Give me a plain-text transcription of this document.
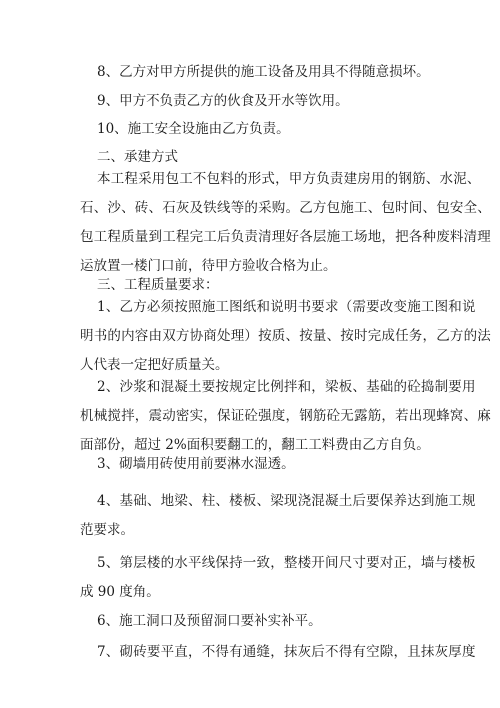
8、乙方对甲方所提供的施工设备及用具不得随意损坏。
9、甲方不负责乙方的伙食及开水等饮用。
10、施工安全设施由乙方负责。
二、承建方式
本工程采用包工不包料的形式，甲方负责建房用的钢筋、水泥、
石、沙、砖、石灰及铁线等的采购。乙方包施工、包时间、包安全、
包工程质量到工程完工后负责清理好各层施工场地，把各种废料清理
运放置一楼门口前，待甲方验收合格为止。
三、工程质量要求：
1、乙方必须按照施工图纸和说明书要求（需要改变施工图和说
明书的内容由双方协商处理）按质、按量、按时完成任务，乙方的法
人代表一定把好质量关。
2、沙浆和混凝土要按规定比例拌和，梁板、基础的砼捣制要用
机械搅拌，震动密实，保证砼强度，钢筋砼无露筋，若出现蜂窝、麻
面部份，超过 2%面积要翻工的，翻工工料费由乙方自负。
3、砌墙用砖使用前要淋水湿透。
4、基础、地梁、柱、楼板、梁现浇混凝土后要保养达到施工规
范要求。
5、第层楼的水平线保持一致，整楼开间尺寸要对正，墙与楼板
成 90 度角。
6、施工洞口及预留洞口要补实补平。
7、砌砖要平直，不得有通缝，抹灰后不得有空隙，且抹灰厚度
